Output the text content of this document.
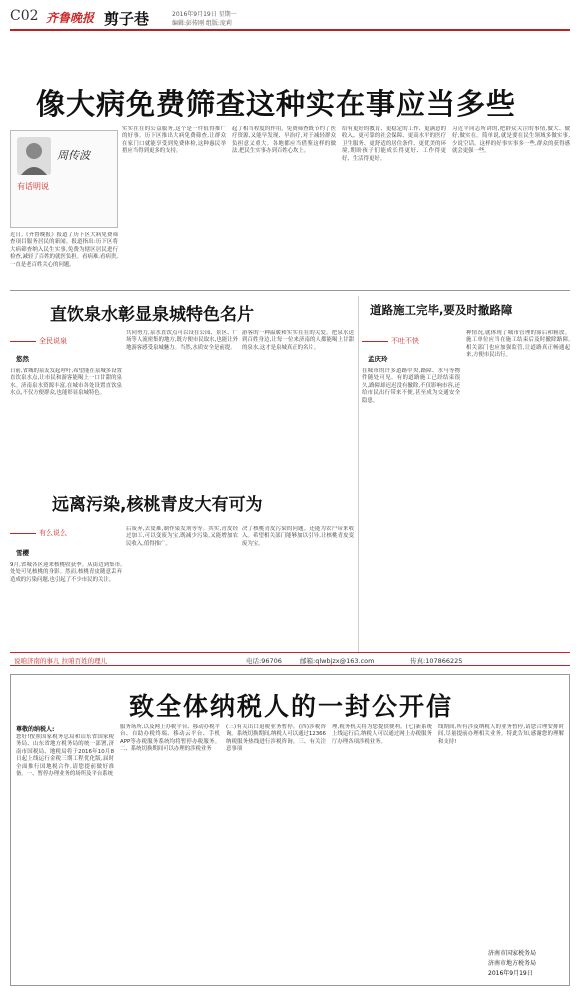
C02 齐鲁晚报 剪子巷	2016年9月19日 星期一
编辑:彭传刚 组版:庞莉
像大病免费筛查这种实在事应当多些
周传波
有话明说
近日,《齐鲁晚报》报道了历下区大病免费筛查项目服务居民的新闻。报道指出:历下区将大病筛查纳入民生实事,免费为辖区居民进行检查,减轻了百姓的就医负担。看病难,看病贵,一直是老百姓关心的问题。
实实在在的公益服务,这个是一件值得推广的好事。历下区推出大病免费筛查,让群众在家门口就能享受到免费体检,这种惠民举措应当得到更多的支持。
起了相当程度的作用。免费筛查既节约了医疗资源,又能早发现、早治疗,对于减轻群众负担意义重大。各地都应当借鉴这样的做法,把民生实事办到百姓心坎上。
给有更好的教育、更稳定的工作、更满意的收入、更可靠的社会保障、更高水平的医疗卫生服务、更舒适的居住条件、更优美的环境,期盼孩子们能成长得更好、工作得更好、生活得更好。
习近平同志所讲的,把群众关注的事情,做大、做好,做实在。简单说,就是要在民生领域多做实事,少说空话。这样的好事实事多一些,群众的获得感就会更强一些。
直饮泉水彰显泉城特色名片
全民说泉
悠然
日前,省城的泉友发起呼吁,希望能在泉城多设置直饮泉水点,让市民和游客能喝上一口甘甜的泉水。济南泉水资源丰富,在城市各处设置直饮泉水点,不仅方便群众,也能彰显泉城特色。
共同努力,泉水直饮点可以设在公园、景区、广场等人流密集的地方,既方便市民取水,也能让外地游客感受泉城魅力。当然,水质安全是前提。
游客的一种温暖和实实在在的关爱。把泉水送到百姓身边,让每一位来济南的人都能喝上甘甜的泉水,这才是泉城真正的名片。
道路施工完毕,要及时撤路障
不吐不快
孟庆玲
在城市的许多道路中央,路障、水马等物件随处可见。有的道路施工已经结束很久,路障却迟迟没有撤除,不仅影响市容,还给市民出行带来不便,甚至成为交通安全隐患。
种情况,就体现了城市管理的滞后和粗放。施工单位应当在施工结束后及时撤除路障,相关部门也应加强监管,让道路真正畅通起来,方便市民出行。
远离污染,核桃青皮大有可为
有么说么
雪樱
9月,省城各区迎来核桃收获季。从街边到集市,处处可见核桃的身影。然而,核桃青皮随意丢弃造成的污染问题,也引起了不少市民的关注。
后废弃,去皮难,制作染发剂等等。其实,青皮经过加工,可以变废为宝,既减少污染,又能增加农民收入,值得推广。
决了核桃青皮污染的问题。还能为农户带来收入。希望相关部门能够加以引导,让核桃青皮变废为宝。
说咱济南的事儿 拉咱百姓的理儿	电话:96706	邮箱:qlwbjzx@163.com	传真:107866225
致全体纳税人的一封公开信
尊敬的纳税人:
您好!按照国家税务总局和山东省国家税务局、山东省地方税务局的统一部署,济南市国税局、地税局将于2016年10月8日起上线运行金税三期工程优化版,届时全面推行国地税合作,请您提前做好准备。一、暂停办理业务的场所及平台系统
服务场所,以及网上办税平台、移动办税平台、自助办税终端、移动云平台、手机APP等办税服务系统均将暂停办税服务。二、系统切换期间可以办理的涉税业务
(三)有关出口退税业务暂停。(四)涉税咨询。系统切换期间,纳税人可以通过12366纳税服务热线进行涉税咨询。三、有关注意事项
理,税务机关将为您提供便利。(七)新系统上线运行后,纳税人可以通过网上办税服务厅办理各项涉税业务。
线期间,所有涉及纳税人的业务暂停,请您合理安排时间,尽量提前办理相关业务。特此告知,感谢您的理解和支持!
济南市国家税务局
济南市地方税务局
2016年9月19日
